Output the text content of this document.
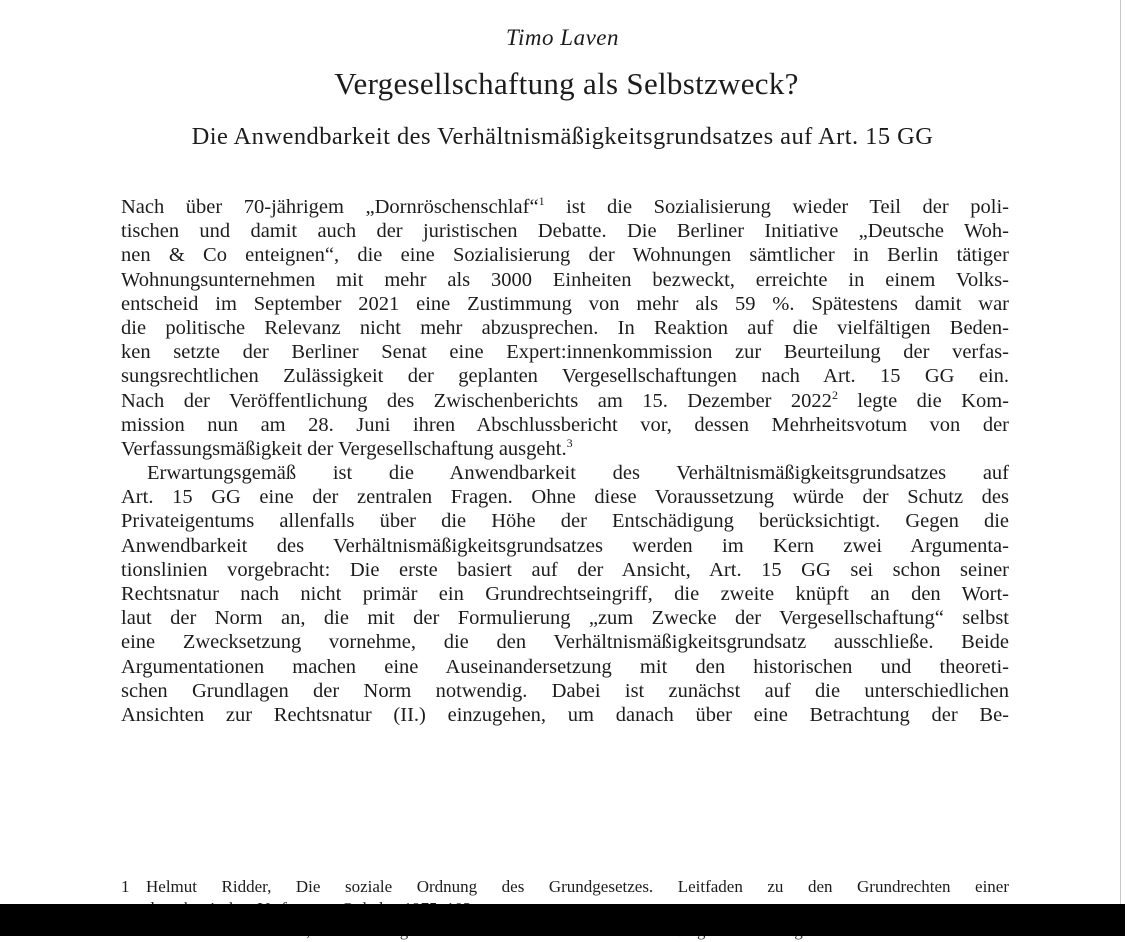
Timo Laven
Vergesellschaftung als Selbstzweck?
Die Anwendbarkeit des Verhältnismäßigkeitsgrundsatzes auf Art. 15 GG
Nach über 70-jährigem „Dornröschenschlaf“$^1$ ist die Sozialisierung wieder Teil der poli-
tischen und damit auch der juristischen Debatte. Die Berliner Initiative „Deutsche Woh-
nen & Co enteignen“, die eine Sozialisierung der Wohnungen sämtlicher in Berlin tätiger
Wohnungsunternehmen mit mehr als 3000 Einheiten bezweckt, erreichte in einem Volks-
entscheid im September 2021 eine Zustimmung von mehr als 59 %. Spätestens damit war
die politische Relevanz nicht mehr abzusprechen. In Reaktion auf die vielfältigen Beden-
ken setzte der Berliner Senat eine Expert:innenkommission zur Beurteilung der verfas-
sungsrechtlichen Zulässigkeit der geplanten Vergesellschaftungen nach Art. 15 GG ein.
Nach der Veröffentlichung des Zwischenberichts am 15. Dezember 2022$^2$ legte die Kom-
mission nun am 28. Juni ihren Abschlussbericht vor, dessen Mehrheitsvotum von der
Verfassungsmäßigkeit der Vergesellschaftung ausgeht.$^3$
Erwartungsgemäß ist die Anwendbarkeit des Verhältnismäßigkeitsgrundsatzes auf
Art. 15 GG eine der zentralen Fragen. Ohne diese Voraussetzung würde der Schutz des
Privateigentums allenfalls über die Höhe der Entschädigung berücksichtigt. Gegen die
Anwendbarkeit des Verhältnismäßigkeitsgrundsatzes werden im Kern zwei Argumenta-
tionslinien vorgebracht: Die erste basiert auf der Ansicht, Art. 15 GG sei schon seiner
Rechtsnatur nach nicht primär ein Grundrechtseingriff, die zweite knüpft an den Wort-
laut der Norm an, die mit der Formulierung „zum Zwecke der Vergesellschaftung“ selbst
eine Zwecksetzung vornehme, die den Verhältnismäßigkeitsgrundsatz ausschließe. Beide
Argumentationen machen eine Auseinandersetzung mit den historischen und theoreti-
schen Grundlagen der Norm notwendig. Dabei ist zunächst auf die unterschiedlichen
Ansichten zur Rechtsnatur (II.) einzugehen, um danach über eine Betrachtung der Be-
1 Helmut Ridder, Die soziale Ordnung des Grundgesetzes. Leitfaden zu den Grundrechten einer
